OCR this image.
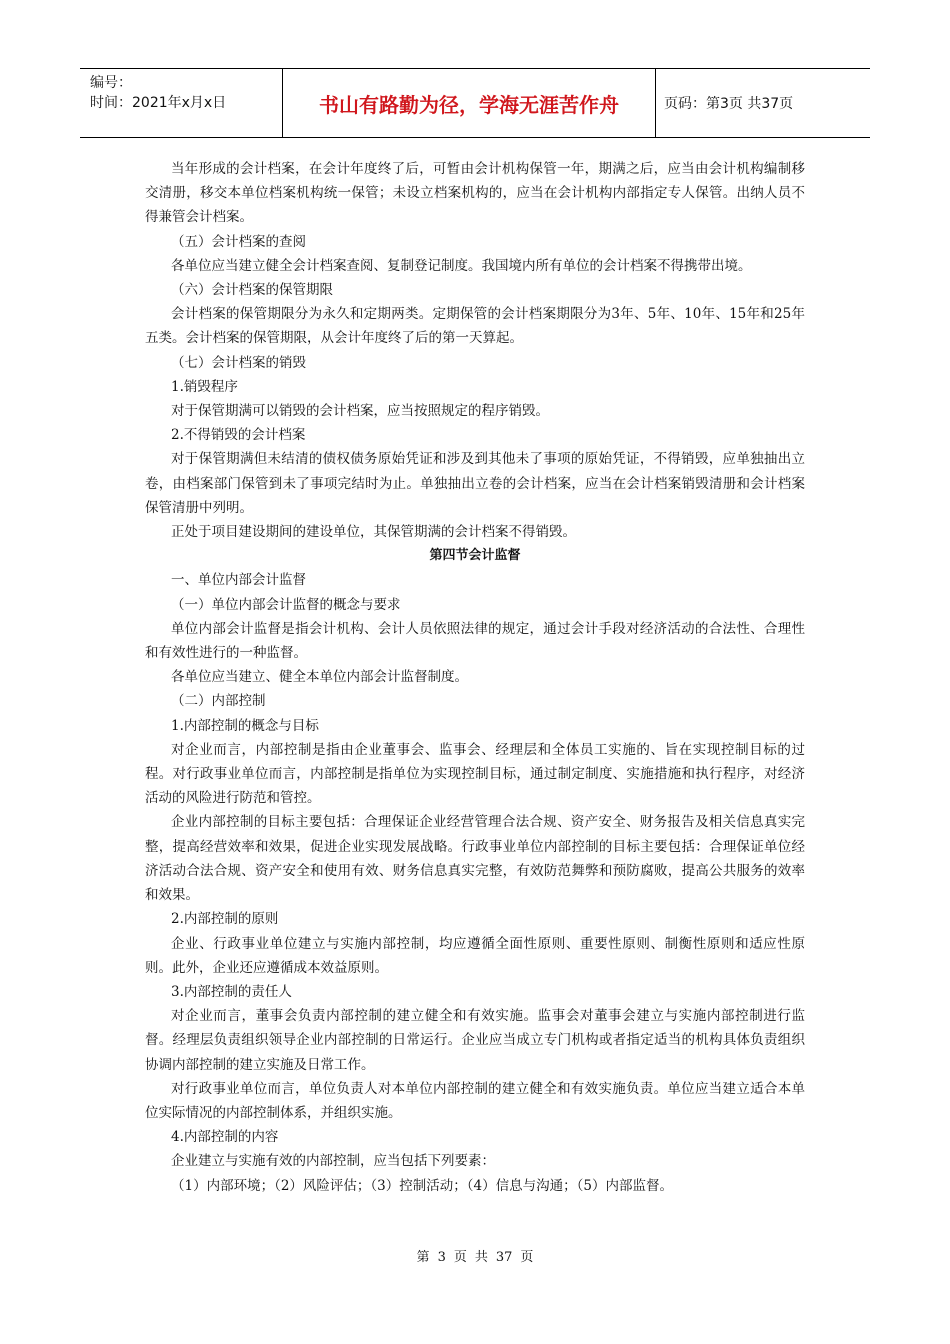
编号：
时间：2021年x月x日	书山有路勤为径，学海无涯苦作舟	页码：第3页 共37页

当年形成的会计档案，在会计年度终了后，可暂由会计机构保管一年，期满之后，应当由会计机构编制移交清册，移交本单位档案机构统一保管；未设立档案机构的，应当在会计机构内部指定专人保管。出纳人员不得兼管会计档案。

（五）会计档案的查阅

各单位应当建立健全会计档案查阅、复制登记制度。我国境内所有单位的会计档案不得携带出境。

（六）会计档案的保管期限

会计档案的保管期限分为永久和定期两类。定期保管的会计档案期限分为3年、5年、10年、15年和25年五类。会计档案的保管期限，从会计年度终了后的第一天算起。

（七）会计档案的销毁

1.销毁程序

对于保管期满可以销毁的会计档案，应当按照规定的程序销毁。

2.不得销毁的会计档案

对于保管期满但未结清的债权债务原始凭证和涉及到其他未了事项的原始凭证，不得销毁，应单独抽出立卷，由档案部门保管到未了事项完结时为止。单独抽出立卷的会计档案，应当在会计档案销毁清册和会计档案保管清册中列明。

正处于项目建设期间的建设单位，其保管期满的会计档案不得销毁。

第四节会计监督

一、单位内部会计监督

（一）单位内部会计监督的概念与要求

单位内部会计监督是指会计机构、会计人员依照法律的规定，通过会计手段对经济活动的合法性、合理性和有效性进行的一种监督。

各单位应当建立、健全本单位内部会计监督制度。

（二）内部控制

1.内部控制的概念与目标

对企业而言，内部控制是指由企业董事会、监事会、经理层和全体员工实施的、旨在实现控制目标的过程。对行政事业单位而言，内部控制是指单位为实现控制目标，通过制定制度、实施措施和执行程序，对经济活动的风险进行防范和管控。

企业内部控制的目标主要包括：合理保证企业经营管理合法合规、资产安全、财务报告及相关信息真实完整，提高经营效率和效果，促进企业实现发展战略。行政事业单位内部控制的目标主要包括：合理保证单位经济活动合法合规、资产安全和使用有效、财务信息真实完整，有效防范舞弊和预防腐败，提高公共服务的效率和效果。

2.内部控制的原则

企业、行政事业单位建立与实施内部控制，均应遵循全面性原则、重要性原则、制衡性原则和适应性原则。此外，企业还应遵循成本效益原则。

3.内部控制的责任人

对企业而言，董事会负责内部控制的建立健全和有效实施。监事会对董事会建立与实施内部控制进行监督。经理层负责组织领导企业内部控制的日常运行。企业应当成立专门机构或者指定适当的机构具体负责组织协调内部控制的建立实施及日常工作。

对行政事业单位而言，单位负责人对本单位内部控制的建立健全和有效实施负责。单位应当建立适合本单位实际情况的内部控制体系，并组织实施。

4.内部控制的内容

企业建立与实施有效的内部控制，应当包括下列要素：

（1）内部环境；（2）风险评估；（3）控制活动；（4）信息与沟通；（5）内部监督。

第 3 页 共 37 页
